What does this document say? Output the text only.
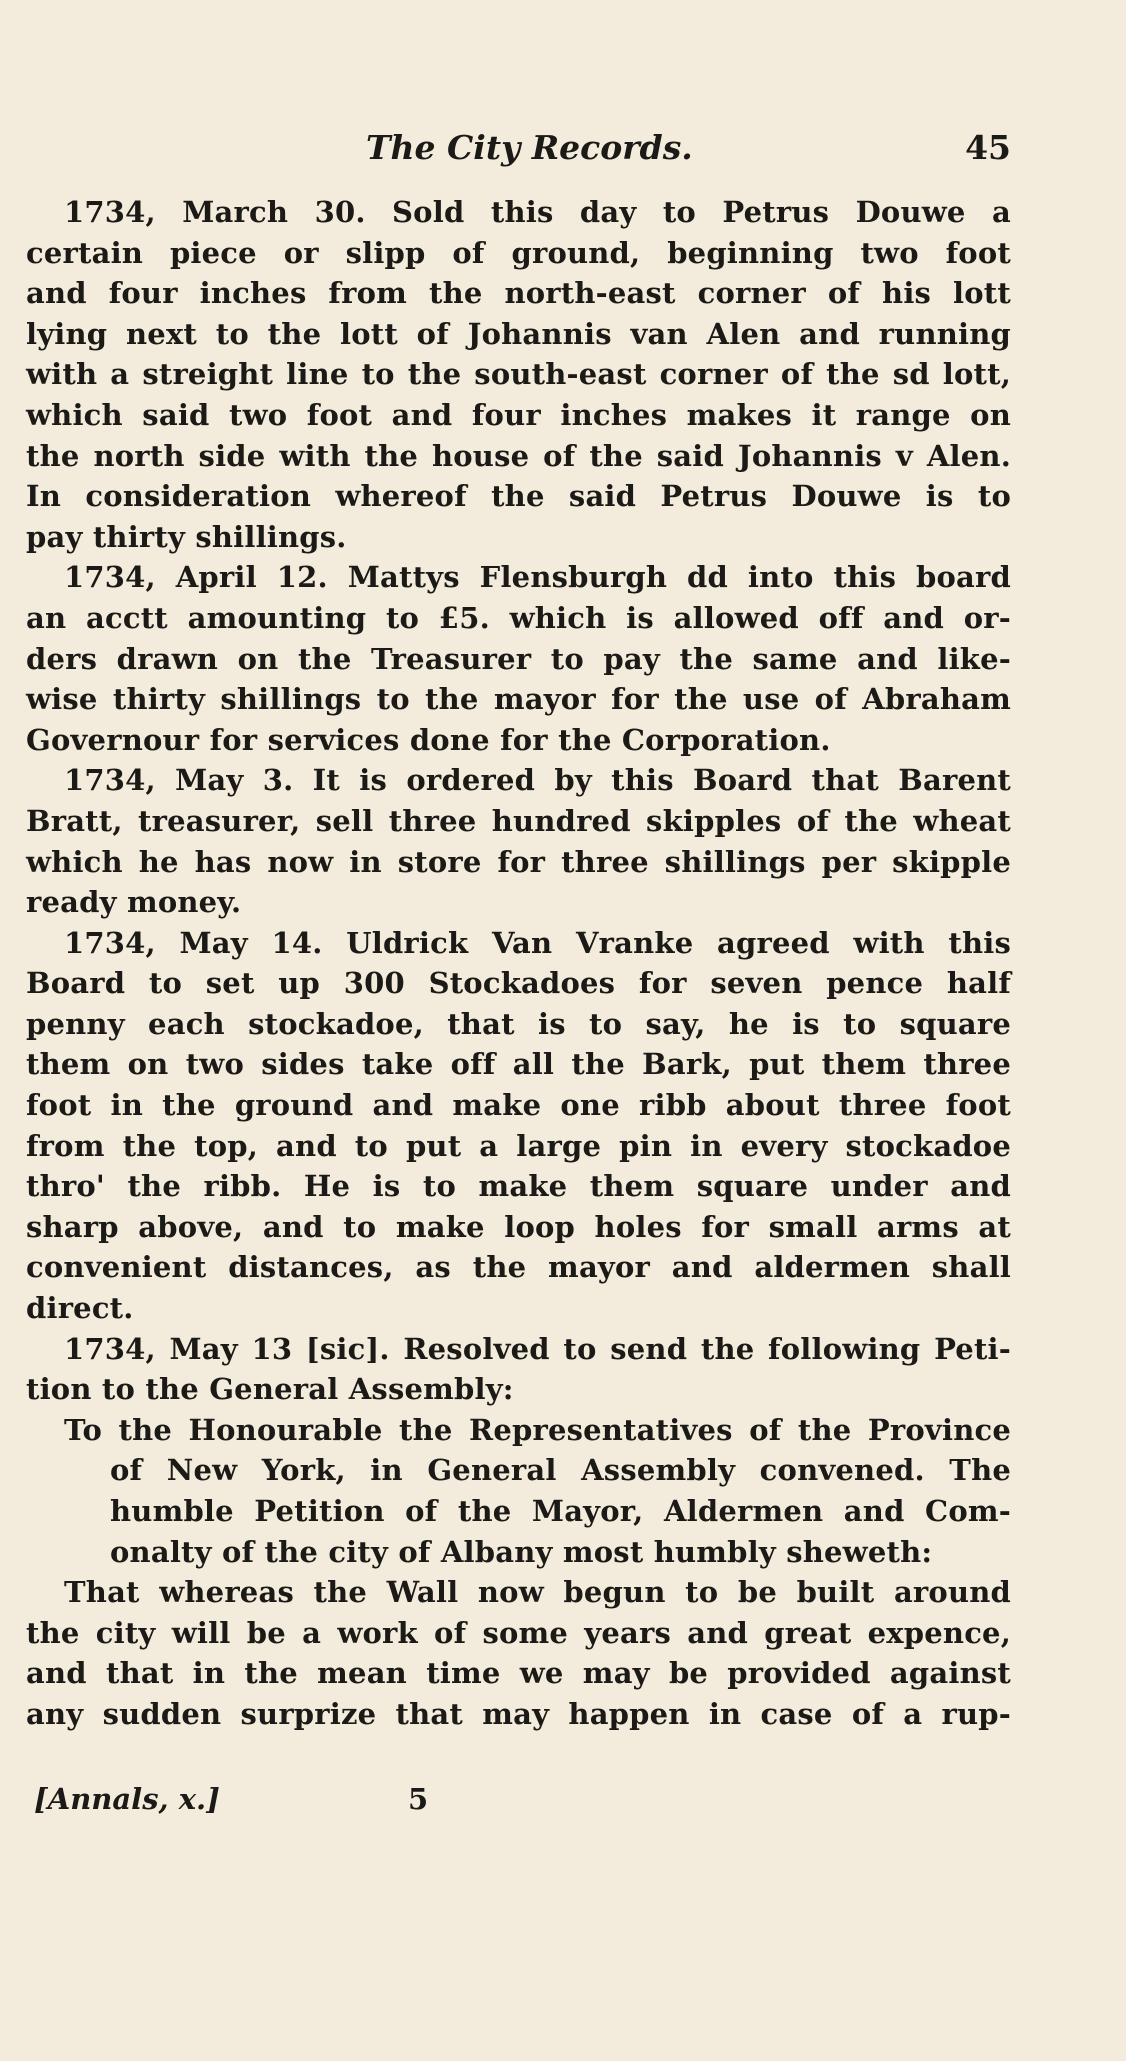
The City Records.	45
1734, March 30. Sold this day to Petrus Douwe a
certain piece or slipp of ground, beginning two foot
and four inches from the north-east corner of his lott
lying next to the lott of Johannis van Alen and running
with a streight line to the south-east corner of the sd lott,
which said two foot and four inches makes it range on
the north side with the house of the said Johannis v Alen.
In consideration whereof the said Petrus Douwe is to
pay thirty shillings.
1734, April 12. Mattys Flensburgh dd into this board
an acctt amounting to £5. which is allowed off and or-
ders drawn on the Treasurer to pay the same and like-
wise thirty shillings to the mayor for the use of Abraham
Governour for services done for the Corporation.
1734, May 3. It is ordered by this Board that Barent
Bratt, treasurer, sell three hundred skipples of the wheat
which he has now in store for three shillings per skipple
ready money.
1734, May 14. Uldrick Van Vranke agreed with this
Board to set up 300 Stockadoes for seven pence half
penny each stockadoe, that is to say, he is to square
them on two sides take off all the Bark, put them three
foot in the ground and make one ribb about three foot
from the top, and to put a large pin in every stockadoe
thro' the ribb. He is to make them square under and
sharp above, and to make loop holes for small arms at
convenient distances, as the mayor and aldermen shall
direct.
1734, May 13 [sic]. Resolved to send the following Peti-
tion to the General Assembly:
To the Honourable the Representatives of the Province
of New York, in General Assembly convened. The
humble Petition of the Mayor, Aldermen and Com-
onalty of the city of Albany most humbly sheweth:
That whereas the Wall now begun to be built around
the city will be a work of some years and great expence,
and that in the mean time we may be provided against
any sudden surprize that may happen in case of a rup-
[Annals, x.]	5
